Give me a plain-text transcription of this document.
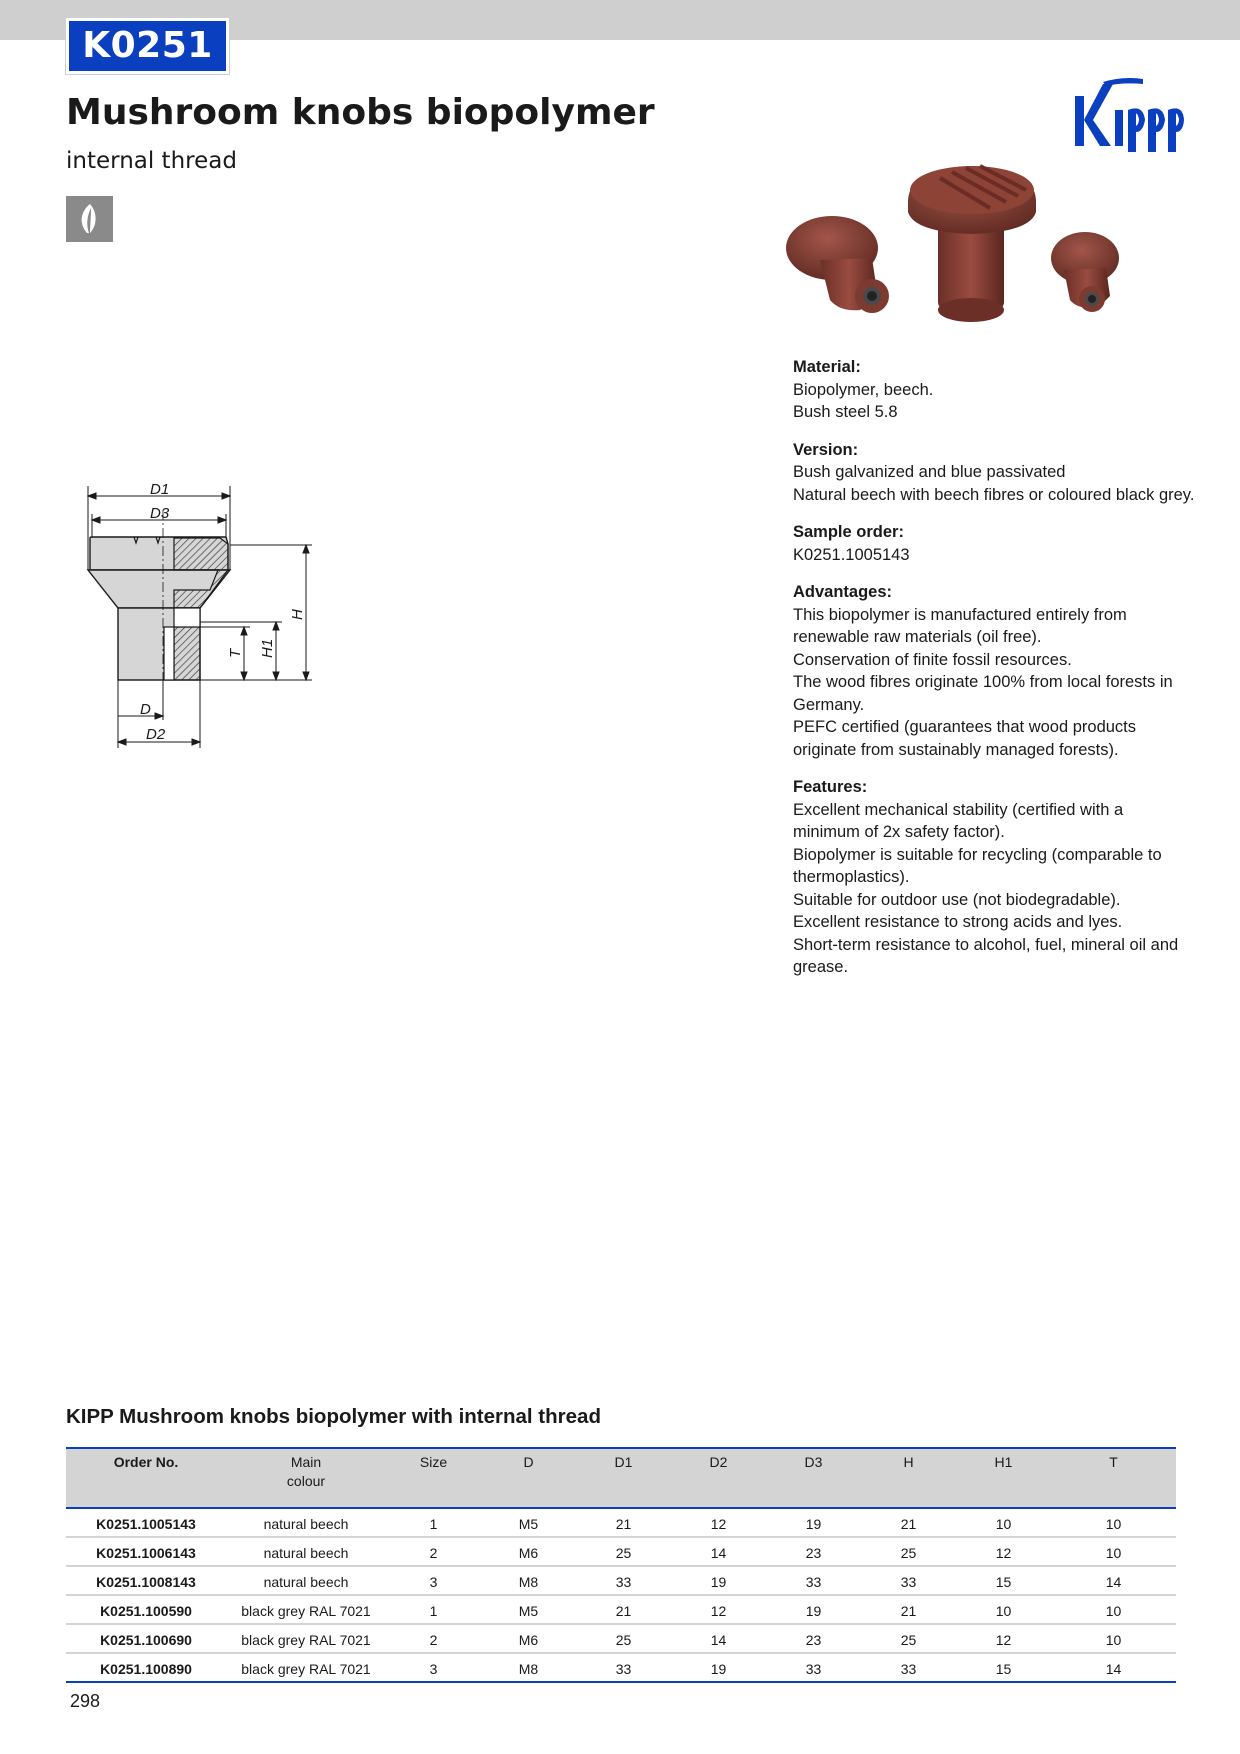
K0251
Mushroom knobs biopolymer
internal thread
D1
D3
H
H1
T
D
D2
Material:
Biopolymer, beech.
Bush steel 5.8
Version:
Bush galvanized and blue passivated
Natural beech with beech fibres or coloured black grey.
Sample order:
K0251.1005143
Advantages:
This biopolymer is manufactured entirely from
renewable raw materials (oil free).
Conservation of finite fossil resources.
The wood fibres originate 100% from local forests in
Germany.
PEFC certified (guarantees that wood products
originate from sustainably managed forests).
Features:
Excellent mechanical stability (certified with a
minimum of 2x safety factor).
Biopolymer is suitable for recycling (comparable to
thermoplastics).
Suitable for outdoor use (not biodegradable).
Excellent resistance to strong acids and lyes.
Short-term resistance to alcohol, fuel, mineral oil and
grease.
KIPP Mushroom knobs biopolymer with internal thread
Order No.	Main
colour	Size	D	D1	D2	D3	H	H1	T
K0251.1005143	natural beech	1	M5	21	12	19	21	10	10
K0251.1006143	natural beech	2	M6	25	14	23	25	12	10
K0251.1008143	natural beech	3	M8	33	19	33	33	15	14
K0251.100590	black grey RAL 7021	1	M5	21	12	19	21	10	10
K0251.100690	black grey RAL 7021	2	M6	25	14	23	25	12	10
K0251.100890	black grey RAL 7021	3	M8	33	19	33	33	15	14
298
